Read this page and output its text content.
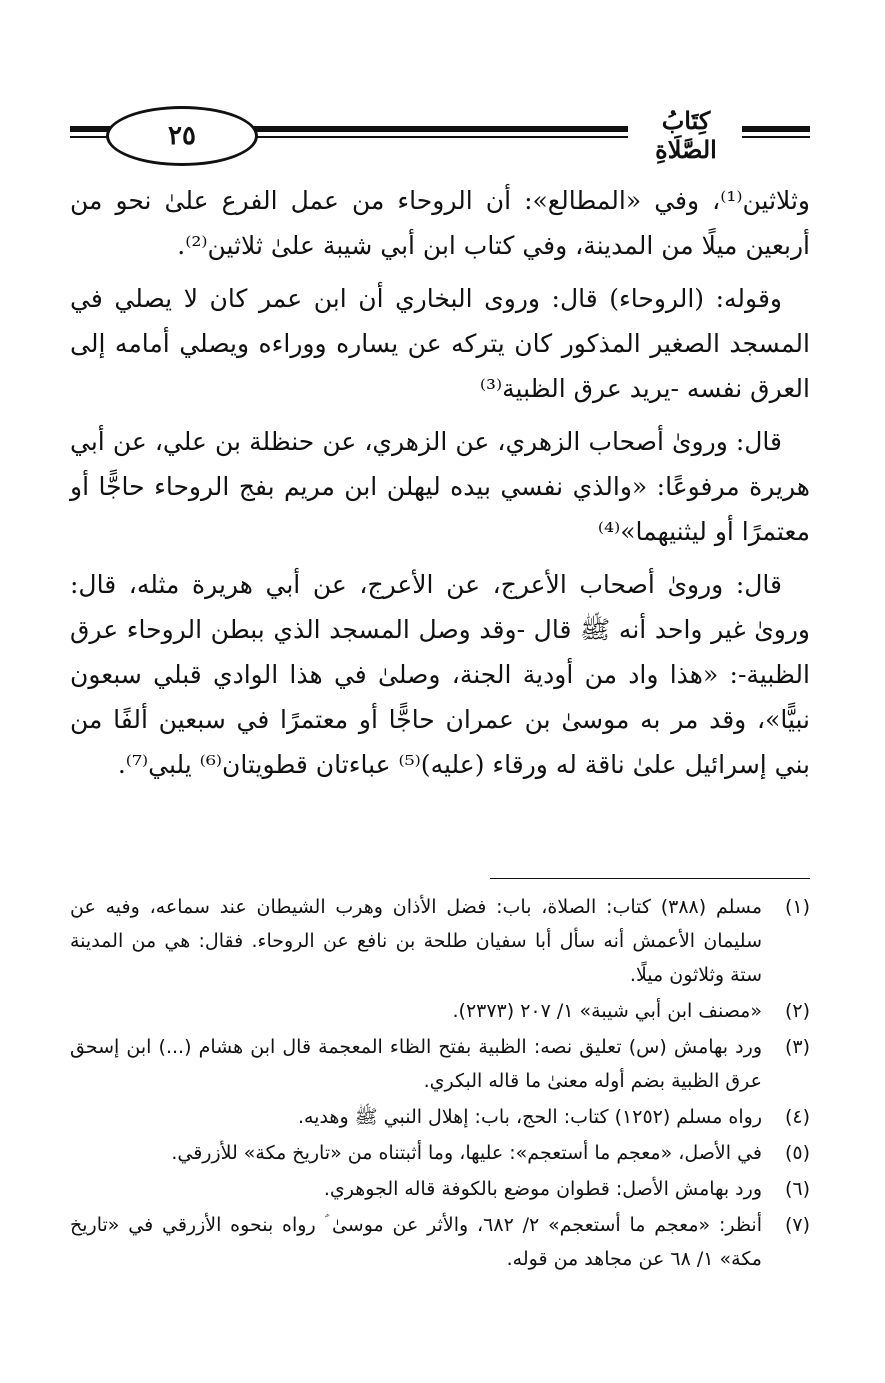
٢٥
كِتَابُ الصَّلَاةِ

وثلاثين⁽¹⁾، وفي «المطالع»: أن الروحاء من عمل الفرع علىٰ نحو من أربعين ميلًا من المدينة، وفي كتاب ابن أبي شيبة علىٰ ثلاثين⁽²⁾.

وقوله: (الروحاء) قال: وروى البخاري أن ابن عمر كان لا يصلي في المسجد الصغير المذكور كان يتركه عن يساره ووراءه ويصلي أمامه إلى العرق نفسه -يريد عرق الظبية⁽³⁾

قال: وروىٰ أصحاب الزهري، عن الزهري، عن حنظلة بن علي، عن أبي هريرة مرفوعًا: «والذي نفسي بيده ليهلن ابن مريم بفج الروحاء حاجًّا أو معتمرًا أو ليثنيهما»⁽⁴⁾

قال: وروىٰ أصحاب الأعرج، عن الأعرج، عن أبي هريرة مثله، قال: وروىٰ غير واحد أنه ﷺ قال -وقد وصل المسجد الذي ببطن الروحاء عرق الظبية-: «هذا واد من أودية الجنة، وصلىٰ في هذا الوادي قبلي سبعون نبيًّا»، وقد مر به موسىٰ بن عمران حاجًّا أو معتمرًا في سبعين ألفًا من بني إسرائيل علىٰ ناقة له ورقاء (عليه)⁽⁵⁾ عباءتان قطويتان⁽⁶⁾ يلبي⁽⁷⁾.

(١)
مسلم (٣٨٨) كتاب: الصلاة، باب: فضل الأذان وهرب الشيطان عند سماعه، وفيه عن سليمان الأعمش أنه سأل أبا سفيان طلحة بن نافع عن الروحاء. فقال: هي من المدينة ستة وثلاثون ميلًا.
(٢)
«مصنف ابن أبي شيبة» ١/ ٢٠٧ (٢٣٧٣).
(٣)
ورد بهامش (س) تعليق نصه: الظبية بفتح الظاء المعجمة قال ابن هشام (...) ابن إسحق عرق الظبية بضم أوله معنىٰ ما قاله البكري.
(٤)
رواه مسلم (١٢٥٢) كتاب: الحج، باب: إهلال النبي ﷺ وهديه.
(٥)
في الأصل، «معجم ما أستعجم»: عليها، وما أثبتناه من «تاريخ مكة» للأزرقي.
(٦)
ورد بهامش الأصل: قطوان موضع بالكوفة قاله الجوهري.
(٧)
أنظر: «معجم ما أستعجم» ٢/ ٦٨٢، والأثر عن موسىٰ ؑ رواه بنحوه الأزرقي في «تاريخ مكة» ١/ ٦٨ عن مجاهد من قوله.
